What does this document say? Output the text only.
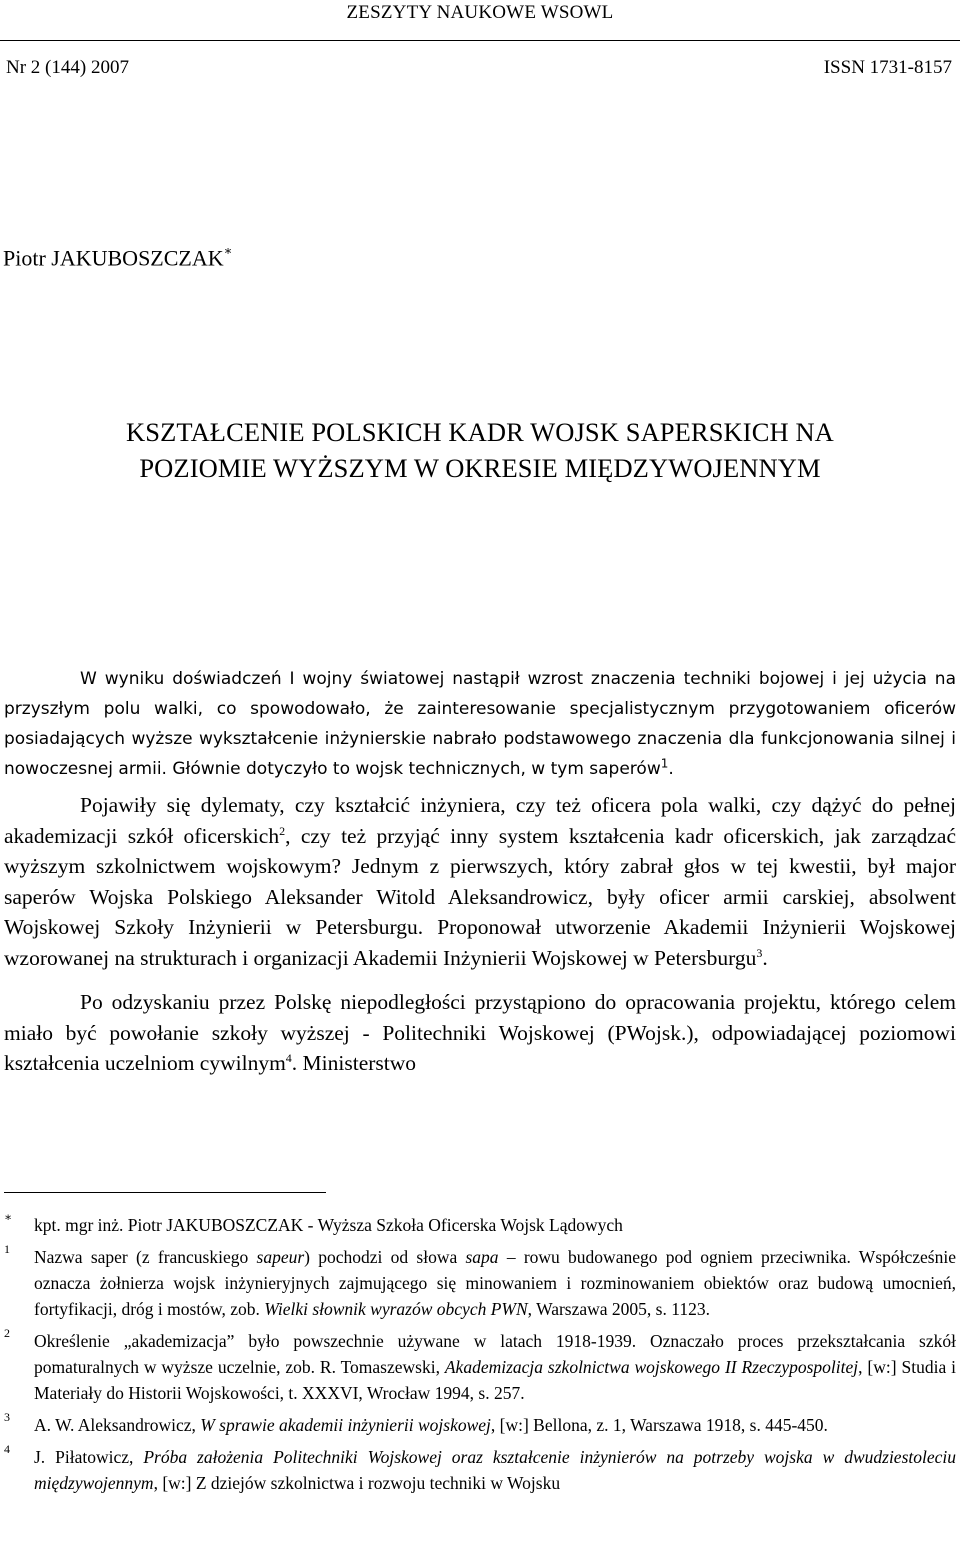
ZESZYTY NAUKOWE WSOWL
Nr 2 (144) 2007	ISSN 1731-8157
Piotr JAKUBOSZCZAK∗
KSZTAŁCENIE POLSKICH KADR WOJSK SAPERSKICH NA
POZIOMIE WYŻSZYM W OKRESIE MIĘDZYWOJENNYM

W wyniku doświadczeń I wojny światowej nastąpił wzrost znaczenia techniki bojowej i jej użycia na przyszłym polu walki, co spowodowało, że zainteresowanie specjalistycznym przygotowaniem oficerów posiadających wyższe wykształcenie inżynierskie nabrało podstawowego znaczenia dla funkcjonowania silnej i nowoczesnej armii. Głównie dotyczyło to wojsk technicznych, w tym saperów$^1$.

Pojawiły się dylematy, czy kształcić inżyniera, czy też oficera pola walki, czy dążyć do pełnej akademizacji szkół oficerskich$^2$, czy też przyjąć inny system kształcenia kadr oficerskich, jak zarządzać wyższym szkolnictwem wojskowym? Jednym z pierwszych, który zabrał głos w tej kwestii, był major saperów Wojska Polskiego Aleksander Witold Aleksandrowicz, były oficer armii carskiej, absolwent Wojskowej Szkoły Inżynierii w Petersburgu. Proponował utworzenie Akademii Inżynierii Wojskowej wzorowanej na strukturach i organizacji Akademii Inżynierii Wojskowej w Petersburgu$^3$.

Po odzyskaniu przez Polskę niepodległości przystąpiono do opracowania projektu, którego celem miało być powołanie szkoły wyższej - Politechniki Wojskowej (PWojsk.), odpowiadającej poziomowi kształcenia uczelniom cywilnym$^4$. Ministerstwo

∗ kpt. mgr inż. Piotr JAKUBOSZCZAK - Wyższa Szkoła Oficerska Wojsk Lądowych
1 Nazwa saper (z francuskiego sapeur) pochodzi od słowa sapa – rowu budowanego pod ogniem przeciwnika. Współcześnie oznacza żołnierza wojsk inżynieryjnych zajmującego się minowaniem i rozminowaniem obiektów oraz budową umocnień, fortyfikacji, dróg i mostów, zob. Wielki słownik wyrazów obcych PWN, Warszawa 2005, s. 1123.
2 Określenie „akademizacja” było powszechnie używane w latach 1918-1939. Oznaczało proces przekształcania szkół pomaturalnych w wyższe uczelnie, zob. R. Tomaszewski, Akademizacja szkolnictwa wojskowego II Rzeczypospolitej, [w:] Studia i Materiały do Historii Wojskowości, t. XXXVI, Wrocław 1994, s. 257.
3 A. W. Aleksandrowicz, W sprawie akademii inżynierii wojskowej, [w:] Bellona, z. 1, Warszawa 1918, s. 445-450.
4 J. Piłatowicz, Próba założenia Politechniki Wojskowej oraz kształcenie inżynierów na potrzeby wojska w dwudziestoleciu międzywojennym, [w:] Z dziejów szkolnictwa i rozwoju techniki w Wojsku
